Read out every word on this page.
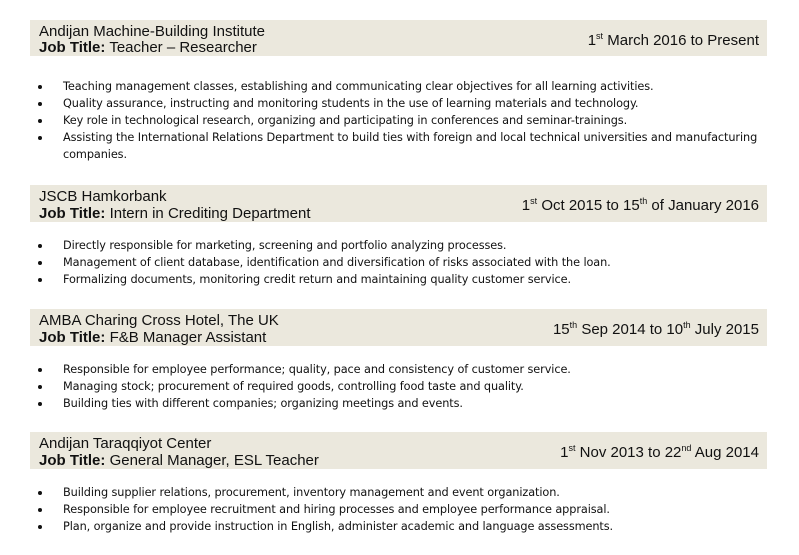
Andijan Machine-Building Institute
Job Title: Teacher – Researcher	1st March 2016 to Present
Teaching management classes, establishing and communicating clear objectives for all learning activities.
Quality assurance, instructing and monitoring students in the use of learning materials and technology.
Key role in technological research, organizing and participating in conferences and seminar-trainings.
Assisting the International Relations Department to build ties with foreign and local technical universities and manufacturing companies.
JSCB Hamkorbank
Job Title: Intern in Crediting Department	1st Oct 2015 to 15th of January 2016
Directly responsible for marketing, screening and portfolio analyzing processes.
Management of client database, identification and diversification of risks associated with the loan.
Formalizing documents, monitoring credit return and maintaining quality customer service.
AMBA Charing Cross Hotel, The UK
Job Title: F&B Manager Assistant	15th Sep 2014 to 10th July 2015
Responsible for employee performance; quality, pace and consistency of customer service.
Managing stock; procurement of required goods, controlling food taste and quality.
Building ties with different companies; organizing meetings and events.
Andijan Taraqqiyot Center
Job Title: General Manager, ESL Teacher	1st Nov 2013 to 22nd Aug 2014
Building supplier relations, procurement, inventory management and event organization.
Responsible for employee recruitment and hiring processes and employee performance appraisal.
Plan, organize and provide instruction in English, administer academic and language assessments.
